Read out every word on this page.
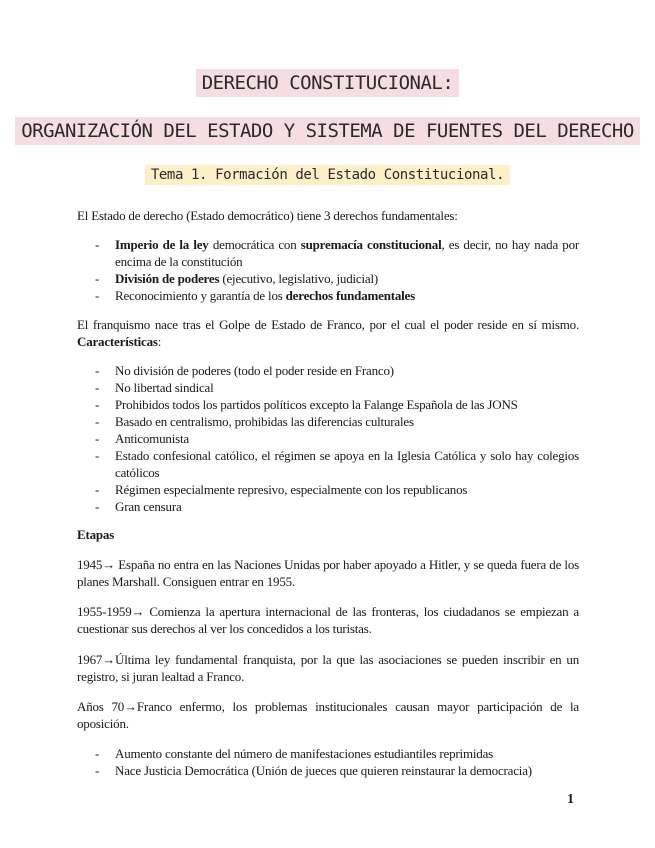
DERECHO CONSTITUCIONAL:
ORGANIZACIÓN DEL ESTADO Y SISTEMA DE FUENTES DEL DERECHO
Tema 1. Formación del Estado Constitucional.

El Estado de derecho (Estado democrático) tiene 3 derechos fundamentales:

- Imperio de la ley democrática con supremacía constitucional, es decir, no hay nada por encima de la constitución
- División de poderes (ejecutivo, legislativo, judicial)
- Reconocimiento y garantía de los derechos fundamentales

El franquismo nace tras el Golpe de Estado de Franco, por el cual el poder reside en sí mismo. Características:

- No división de poderes (todo el poder reside en Franco)
- No libertad sindical
- Prohibidos todos los partidos políticos excepto la Falange Española de las JONS
- Basado en centralismo, prohibidas las diferencias culturales
- Anticomunista
- Estado confesional católico, el régimen se apoya en la Iglesia Católica y solo hay colegios católicos
- Régimen especialmente represivo, especialmente con los republicanos
- Gran censura

Etapas

1945→ España no entra en las Naciones Unidas por haber apoyado a Hitler, y se queda fuera de los planes Marshall. Consiguen entrar en 1955.

1955-1959→ Comienza la apertura internacional de las fronteras, los ciudadanos se empiezan a cuestionar sus derechos al ver los concedidos a los turistas.

1967→Última ley fundamental franquista, por la que las asociaciones se pueden inscribir en un registro, si juran lealtad a Franco.

Años 70→Franco enfermo, los problemas institucionales causan mayor participación de la oposición.

- Aumento constante del número de manifestaciones estudiantiles reprimidas
- Nace Justicia Democrática (Unión de jueces que quieren reinstaurar la democracia)
1
